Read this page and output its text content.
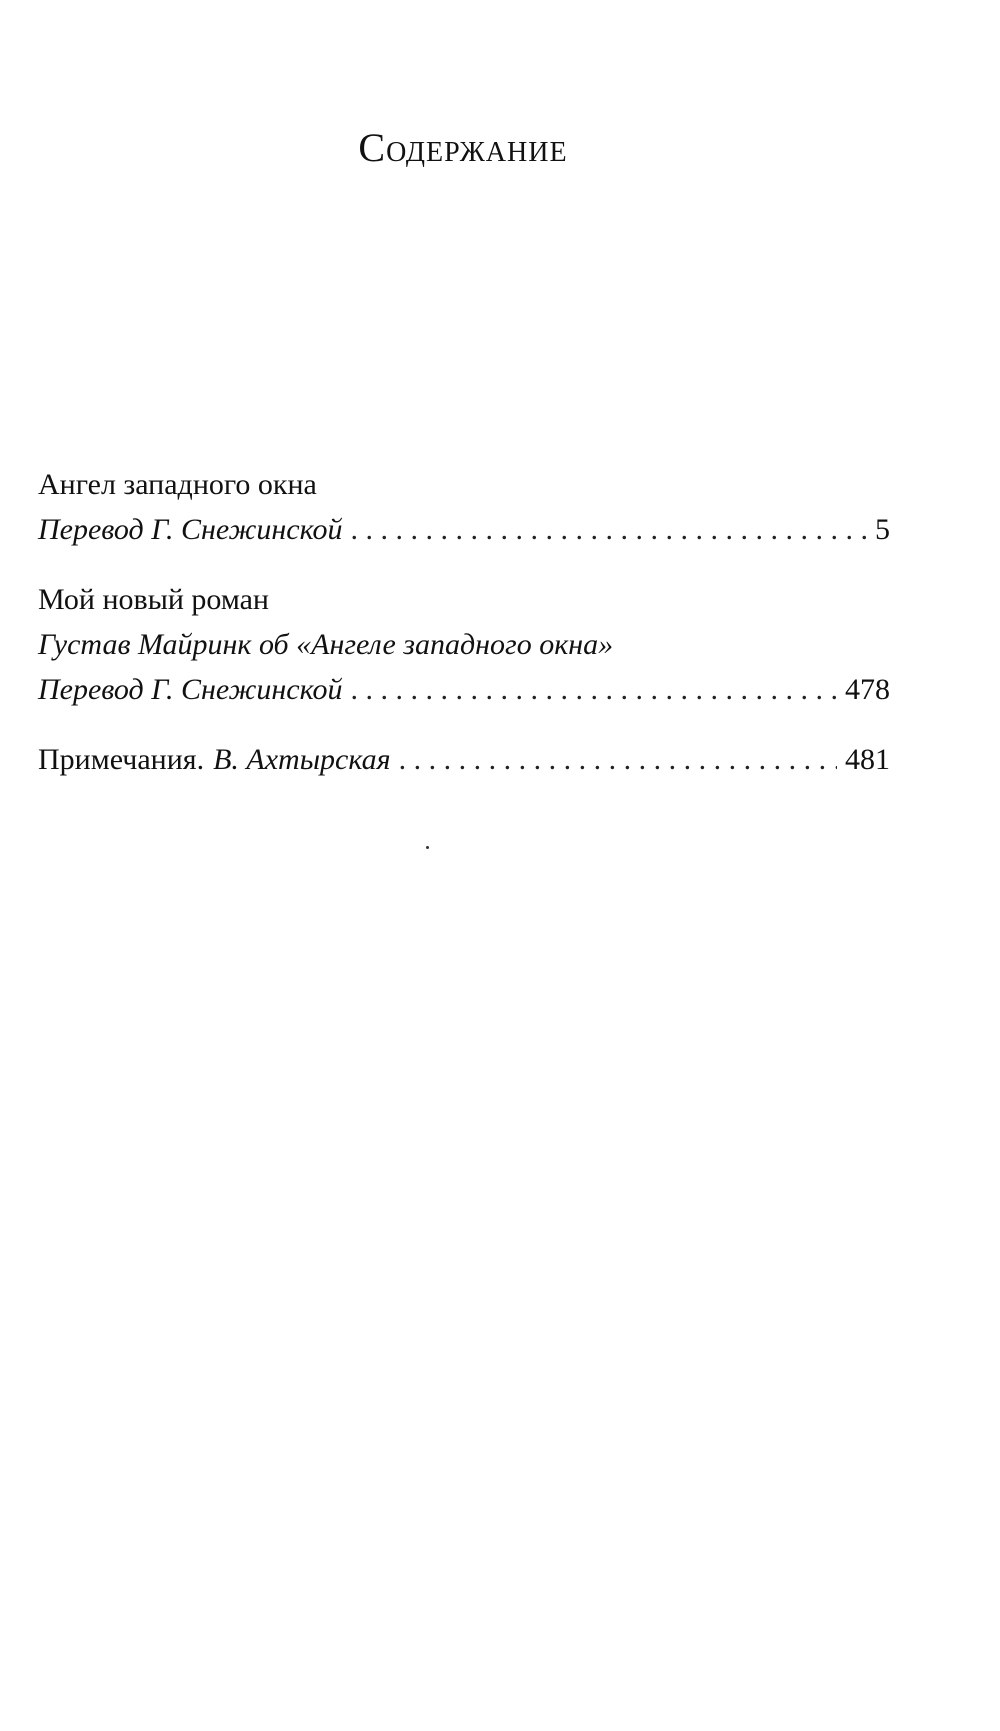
Содержание
Ангел западного окна
Перевод Г. Снежинской . . .	5
Мой новый роман
Густав Майринк об «Ангеле западного окна»
Перевод Г. Снежинской . . .	478
Примечания. В. Ахтырская . . .	481
